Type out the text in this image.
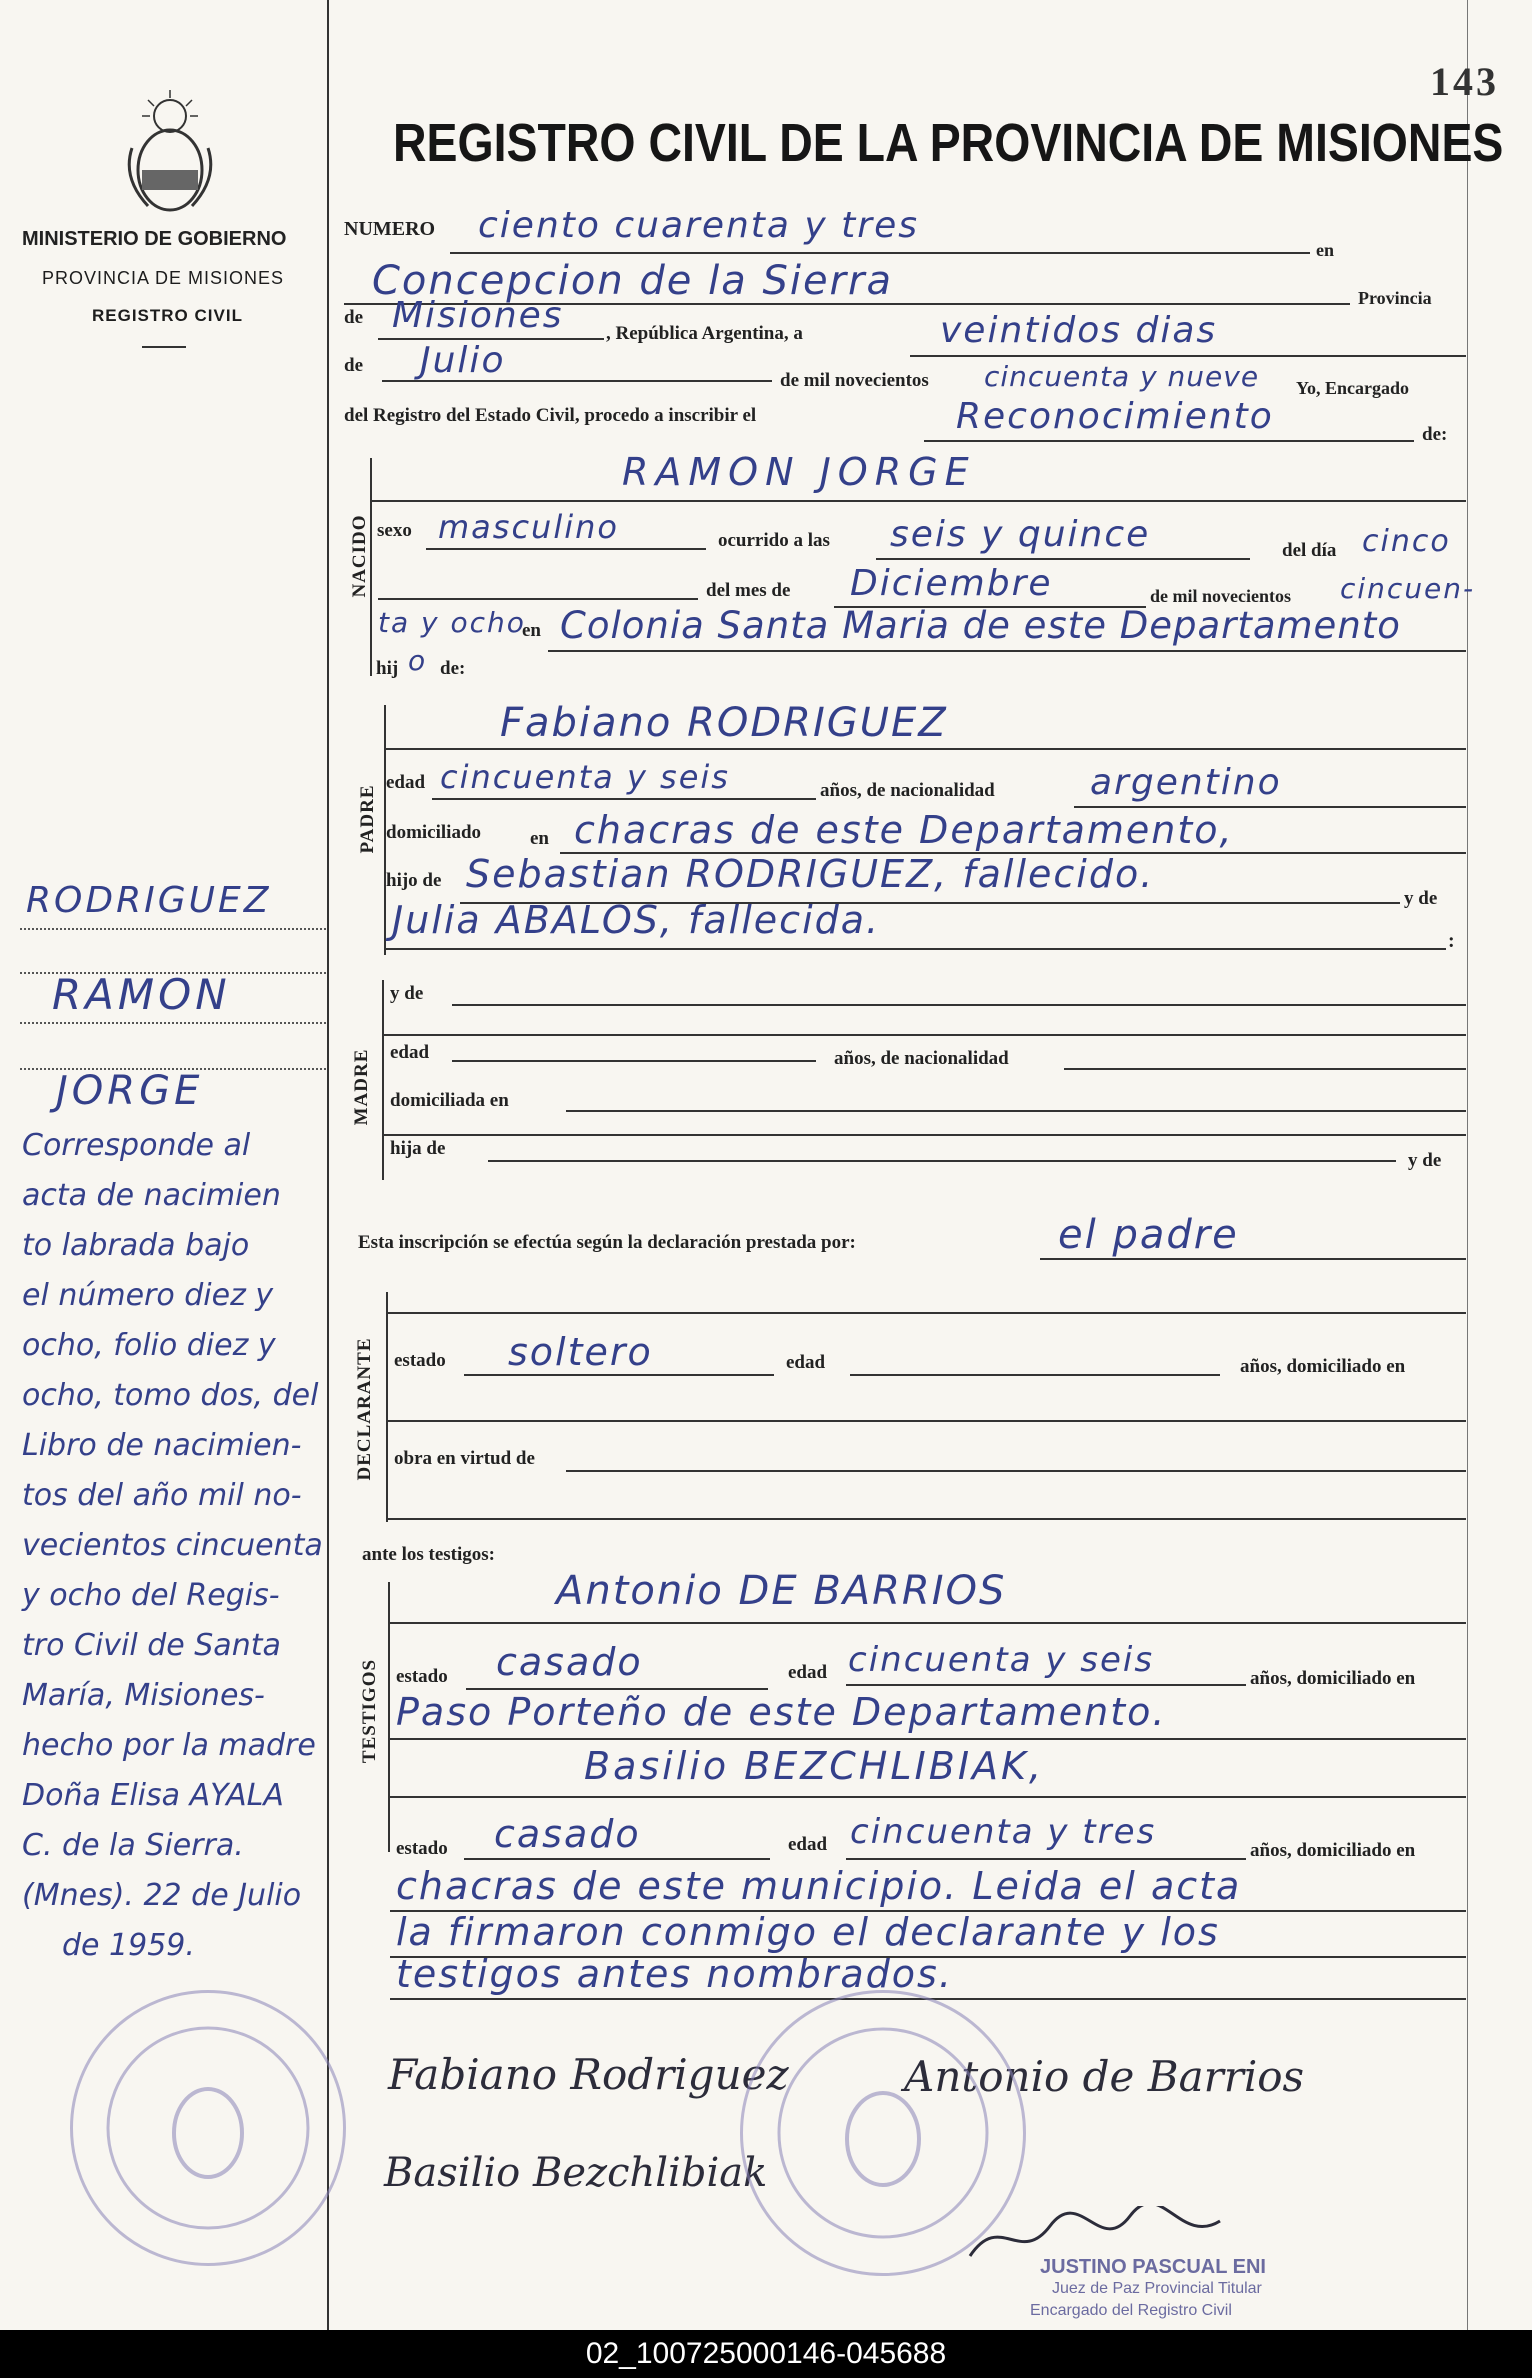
143
MINISTERIO DE GOBIERNO
PROVINCIA DE MISIONES
REGISTRO CIVIL
REGISTRO CIVIL DE LA PROVINCIA DE MISIONES
NUMERO ciento cuarenta y tres
en
Concepcion de la Sierra	Provincia
de Misiones , República Argentina, a	veintidos dias
de Julio	de mil novecientos cincuenta y nueve Yo, Encargado
del Registro del Estado Civil, procedo a inscribir el	Reconocimiento	de:
NACIDO
RAMON JORGE
sexo masculino	ocurrido a las seis y quince	del día cinco
del mes de Diciembre	de mil novecientos cincuen-
ta y ocho
en Colonia Santa Maria de este Departamento
hij o de:
PADRE
Fabiano RODRIGUEZ
edad cincuenta y seis	años, de nacionalidad	argentino
domiciliado	en chacras de este Departamento,
hijo de Sebastian RODRIGUEZ, fallecido.
y de
Julia ABALOS, fallecida.	:
MADRE
y de
edad	años, de nacionalidad
domiciliada en
hija de
y de
Esta inscripción se efectúa según la declaración prestada por:	el padre
DECLARANTE estado soltero	edad	años, domiciliado en
obra en virtud de
ante los testigos:
TESTIGOS
Antonio DE BARRIOS
estado casado	edad cincuenta y seis	años, domiciliado en
Paso Porteño de este Departamento.
Basilio BEZCHLIBIAK,
estado casado	edad cincuenta y tres	años, domiciliado en
chacras de este municipio. Leida el acta
la firmaron conmigo el declarante y los
testigos antes nombrados.
Fabiano Rodriguez	Antonio de Barrios
Basilio Bezchlibiak
JUSTINO PASCUAL ENI
Juez de Paz Provincial Titular
Encargado del Registro Civil
RODRIGUEZ
RAMON
JORGE
Corresponde al
acta de nacimien
to labrada bajo
el número diez y
ocho, folio diez y
ocho, tomo dos, del
Libro de nacimien-
tos del año mil no-
vecientos cincuenta
y ocho del Regis-
tro Civil de Santa
María, Misiones-
hecho por la madre
Doña Elisa AYALA
C. de la Sierra.
(Mnes). 22 de Julio
de 1959.
02_100725000146-045688
